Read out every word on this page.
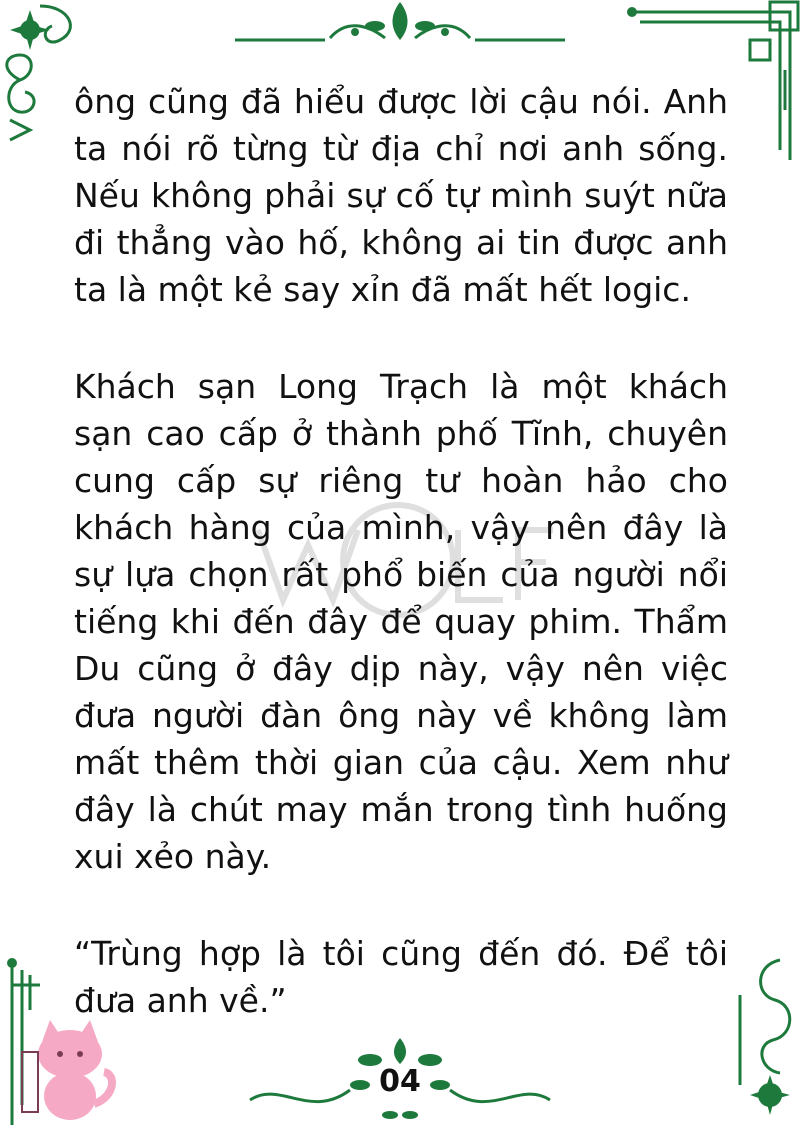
ông cũng đã hiểu được lời cậu nói. Anh
ta nói rõ từng từ địa chỉ nơi anh sống.
Nếu không phải sự cố tự mình suýt nữa
đi thẳng vào hố, không ai tin được anh
ta là một kẻ say xỉn đã mất hết logic.
Khách sạn Long Trạch là một khách
sạn cao cấp ở thành phố Tĩnh, chuyên
cung cấp sự riêng tư hoàn hảo cho
khách hàng của mình, vậy nên đây là
sự lựa chọn rất phổ biến của người nổi
tiếng khi đến đây để quay phim. Thẩm
Du cũng ở đây dịp này, vậy nên việc
đưa người đàn ông này về không làm
mất thêm thời gian của cậu. Xem như
đây là chút may mắn trong tình huống
xui xẻo này.
“Trùng hợp là tôi cũng đến đó. Để tôi
đưa anh về.”
04
